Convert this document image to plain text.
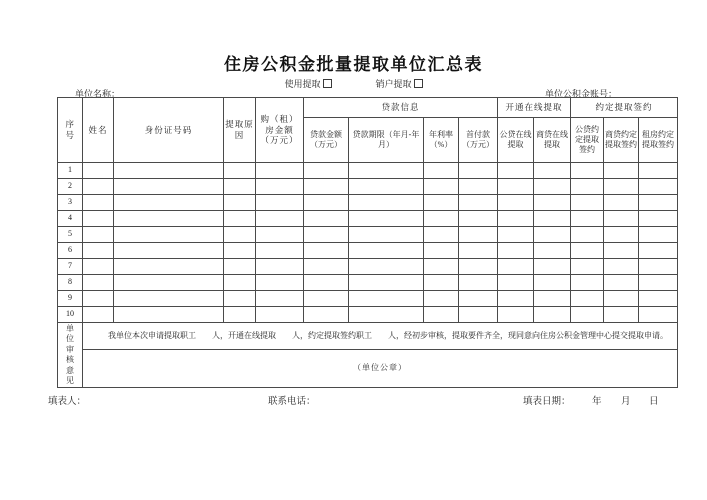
住房公积金批量提取单位汇总表
使用提取	销户提取
单位名称：	单位公积金账号：
序号	姓名	身份证号码	提取原因	购（租）房金额（万元）	贷款信息				开通在线提取		约定提取签约		
					贷款金额（万元）	贷款期限（年月-年月）	年利率（%）	首付款（万元）	公贷在线提取	商贷在线提取	公贷约定提取签约	商贷约定提取签约	租房约定提取签约
1													
2													
3													
4													
5													
6													
7													
8													
9													
10													
单位审核意见	我单位本次申请提取职工　　人，开通在线提取　　人，约定提取签约职工　　人，经初步审核，提取要件齐全，现同意向住房公积金管理中心提交提取申请。												
	（单位公章）												
填表人：	联系电话：	填表日期： 年 月 日
